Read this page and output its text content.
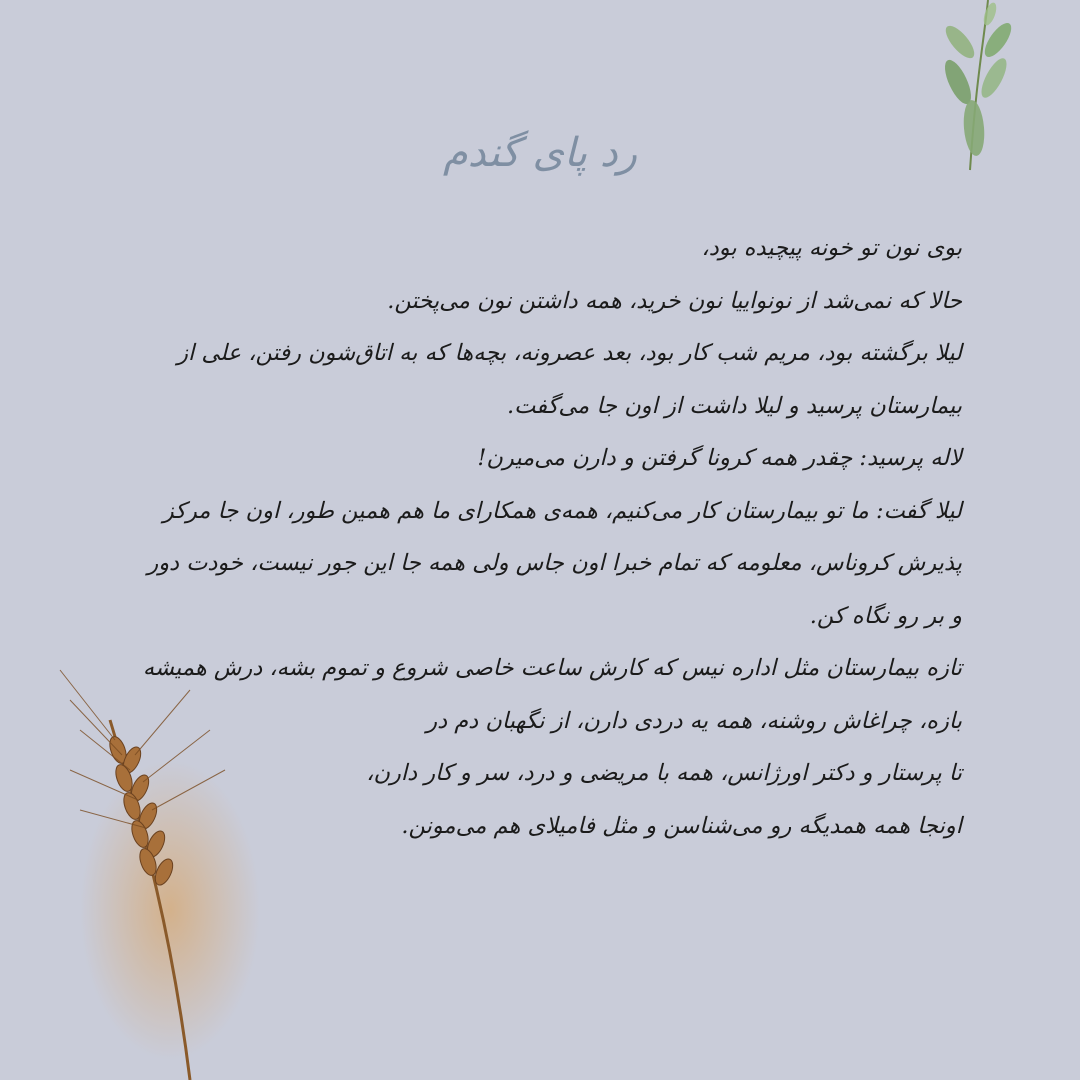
رد پای گندم

بوی نون تو خونه پیچیده بود،

حالا که نمی‌شد از نونواییا نون خرید، همه داشتن نون می‌پختن.

لیلا برگشته بود، مریم شب کار بود، بعد عصرونه، بچه‌ها که به اتاق‌شون رفتن، علی از بیمارستان پرسید و لیلا داشت از اون جا می‌گفت.

لاله پرسید: چقدر همه کرونا گرفتن و دارن می‌میرن!

لیلا گفت: ما تو بیمارستان کار می‌کنیم، همه‌ی همکارای ما هم همین طور، اون جا مرکز پذیرش کروناس، معلومه که تمام خبرا اون جاس ولی همه جا این جور نیست، خودت دور و بر رو نگاه کن.

تازه بیمارستان مثل اداره نیس که کارش ساعت خاصی شروع و تموم بشه، درش همیشه بازه، چراغاش روشنه، همه یه دردی دارن، از نگهبان دم در

تا پرستار و دکتر اورژانس، همه با مریضی و درد، سر و کار دارن،

اونجا همه همدیگه رو می‌شناسن و مثل فامیلای هم می‌مونن.
